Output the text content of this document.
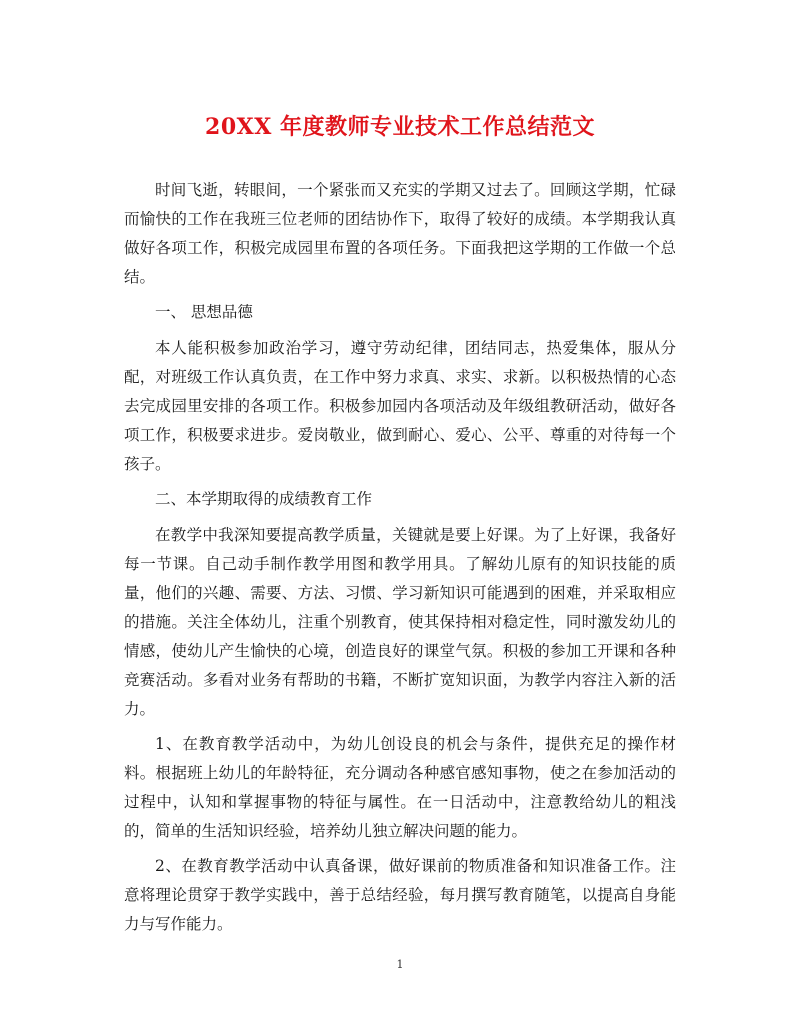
20XX 年度教师专业技术工作总结范文

时间飞逝，转眼间，一个紧张而又充实的学期又过去了。回顾这学期，忙碌而愉快的工作在我班三位老师的团结协作下，取得了较好的成绩。本学期我认真做好各项工作，积极完成园里布置的各项任务。下面我把这学期的工作做一个总结。

一、 思想品德

本人能积极参加政治学习，遵守劳动纪律，团结同志，热爱集体，服从分配，对班级工作认真负责，在工作中努力求真、求实、求新。以积极热情的心态去完成园里安排的各项工作。积极参加园内各项活动及年级组教研活动，做好各项工作，积极要求进步。爱岗敬业，做到耐心、爱心、公平、尊重的对待每一个孩子。

二、本学期取得的成绩教育工作

在教学中我深知要提高教学质量，关键就是要上好课。为了上好课，我备好每一节课。自己动手制作教学用图和教学用具。了解幼儿原有的知识技能的质量，他们的兴趣、需要、方法、习惯、学习新知识可能遇到的困难，并采取相应的措施。关注全体幼儿，注重个别教育，使其保持相对稳定性，同时激发幼儿的情感，使幼儿产生愉快的心境，创造良好的课堂气氛。积极的参加工开课和各种竞赛活动。多看对业务有帮助的书籍，不断扩宽知识面，为教学内容注入新的活力。

1、在教育教学活动中，为幼儿创设良的机会与条件，提供充足的操作材料。根据班上幼儿的年龄特征，充分调动各种感官感知事物，使之在参加活动的过程中，认知和掌握事物的特征与属性。在一日活动中，注意教给幼儿的粗浅的，简单的生活知识经验，培养幼儿独立解决问题的能力。

2、在教育教学活动中认真备课，做好课前的物质准备和知识准备工作。注意将理论贯穿于教学实践中，善于总结经验，每月撰写教育随笔，以提高自身能力与写作能力。

1
